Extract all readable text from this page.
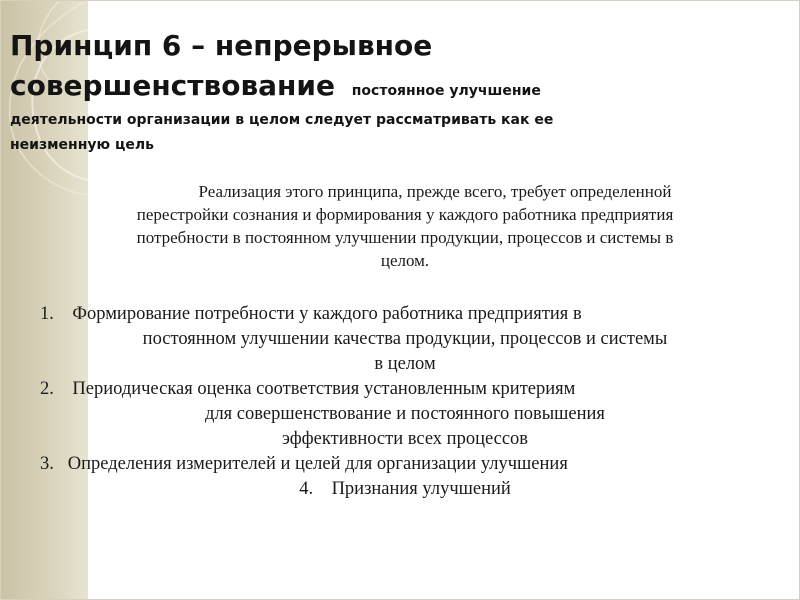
Принцип 6 – непрерывное
совершенствование постоянное улучшение
деятельности организации в целом следует рассматривать как ее
неизменную цель
Реализация этого принципа, прежде всего, требует определенной
перестройки сознания и формирования у каждого работника предприятия
потребности в постоянном улучшении продукции, процессов и системы в
целом.
1. Формирование потребности у каждого работника предприятия в
постоянном улучшении качества продукции, процессов и системы
в целом
2. Периодическая оценка соответствия установленным критериям
для совершенствование и постоянного повышения
эффективности всех процессов
3. Определения измерителей и целей для организации улучшения
4. Признания улучшений
